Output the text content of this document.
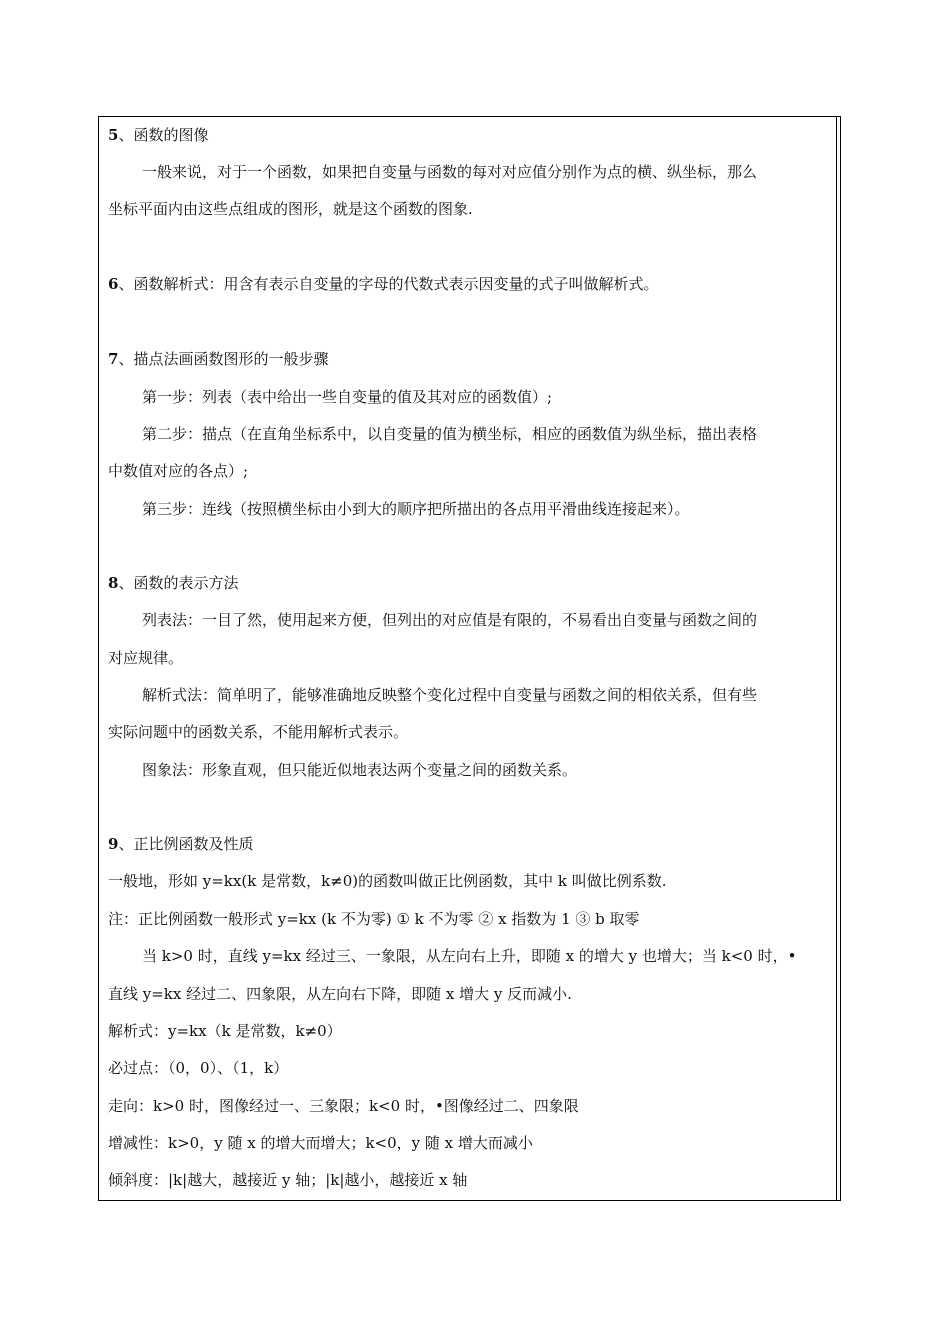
5、函数的图像
一般来说，对于一个函数，如果把自变量与函数的每对对应值分别作为点的横、纵坐标，那么
坐标平面内由这些点组成的图形，就是这个函数的图象.
6、函数解析式：用含有表示自变量的字母的代数式表示因变量的式子叫做解析式。
7、描点法画函数图形的一般步骤
第一步：列表（表中给出一些自变量的值及其对应的函数值）;
第二步：描点（在直角坐标系中，以自变量的值为横坐标，相应的函数值为纵坐标，描出表格
中数值对应的各点）;
第三步：连线（按照横坐标由小到大的顺序把所描出的各点用平滑曲线连接起来）。
8、函数的表示方法
列表法：一目了然，使用起来方便，但列出的对应值是有限的，不易看出自变量与函数之间的
对应规律。
解析式法：简单明了，能够准确地反映整个变化过程中自变量与函数之间的相依关系，但有些
实际问题中的函数关系，不能用解析式表示。
图象法：形象直观，但只能近似地表达两个变量之间的函数关系。
9、正比例函数及性质
一般地，形如 y=kx(k 是常数，k≠0)的函数叫做正比例函数，其中 k 叫做比例系数.
注：正比例函数一般形式 y=kx (k 不为零) ① k 不为零 ② x 指数为 1 ③ b 取零
当 k>0 时，直线 y=kx 经过三、一象限，从左向右上升，即随 x 的增大 y 也增大；当 k<0 时，•
直线 y=kx 经过二、四象限，从左向右下降，即随 x 增大 y 反而减小.
解析式：y=kx（k 是常数，k≠0）
必过点：（0，0）、（1，k）
走向：k>0 时，图像经过一、三象限；k<0 时，•图像经过二、四象限
增减性：k>0，y 随 x 的增大而增大；k<0，y 随 x 增大而减小
倾斜度：|k|越大，越接近 y 轴；|k|越小，越接近 x 轴
